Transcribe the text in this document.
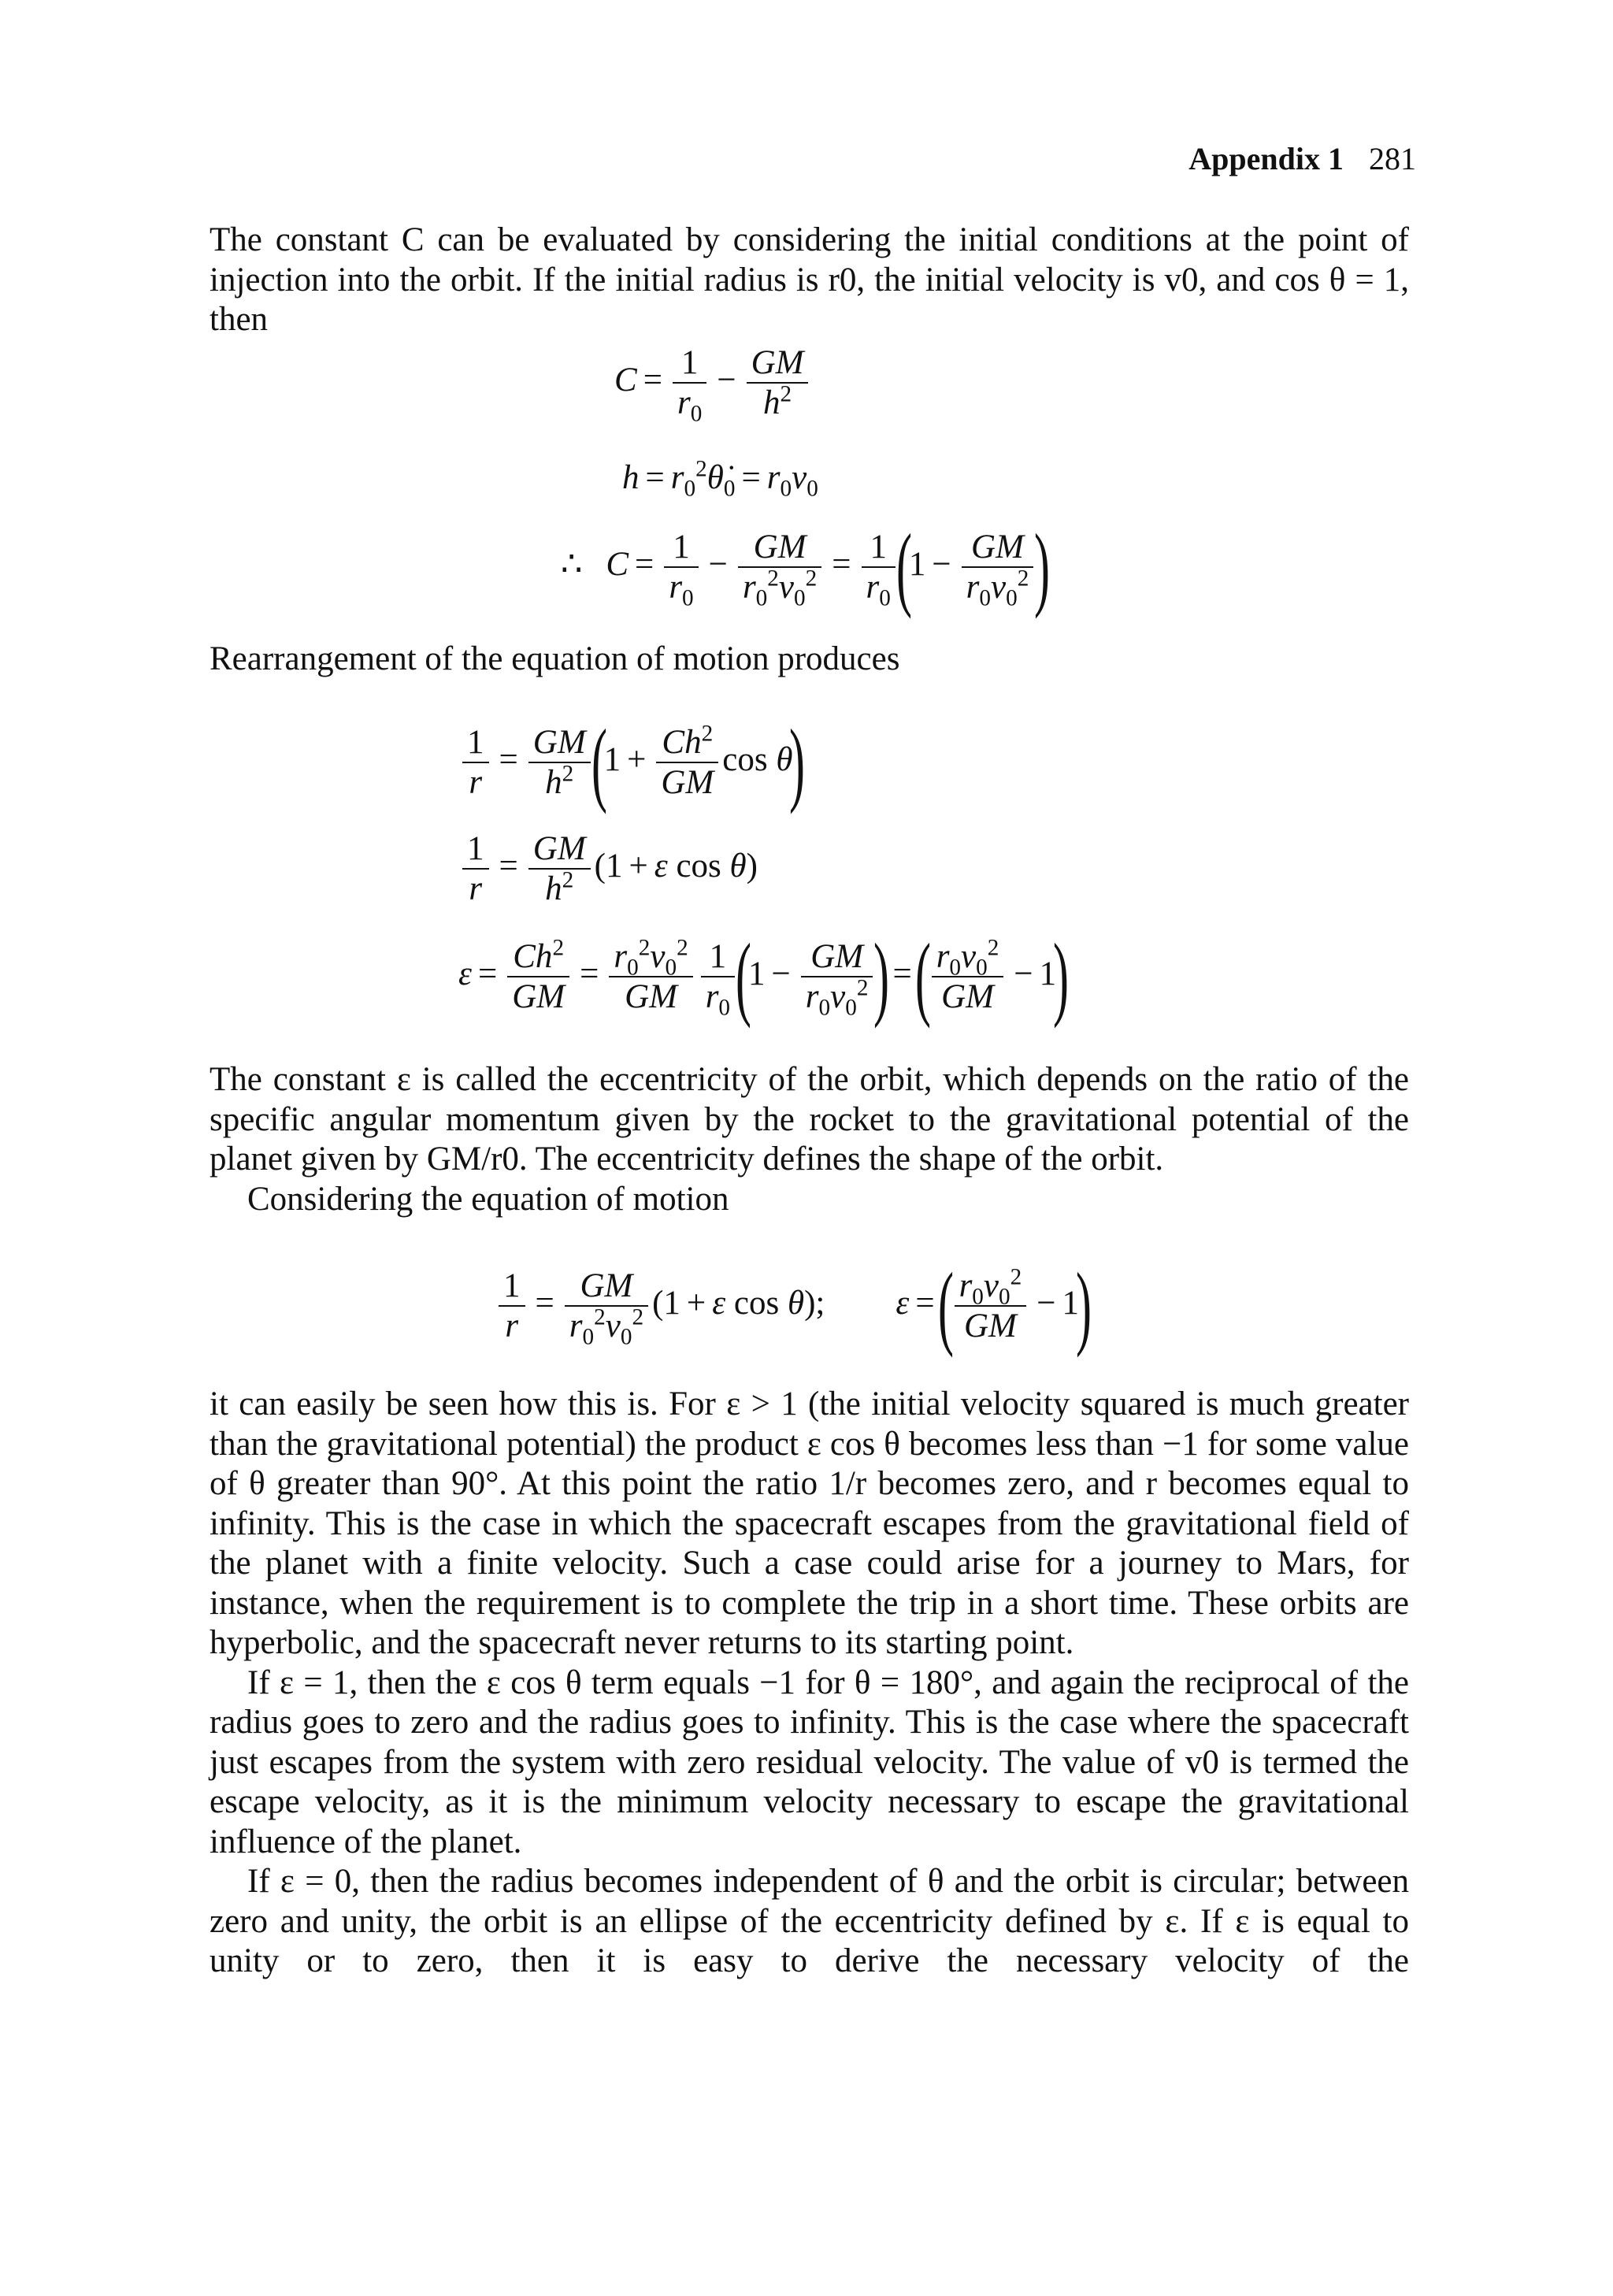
Appendix 1 281
The constant C can be evaluated by considering the initial conditions at the point of injection into the orbit. If the initial radius is r0, the initial velocity is v0, and cos θ = 1, then
$C = \frac{1}{r_0} - \frac{GM}{h^2}$
$h = r_0^2\thetȧ_0 = r_0v_0$
∴ $C = \frac{1}{r_0} - \frac{GM}{r_0^2v_0^2} = \frac{1}{r_0} (1 - \frac{GM}{r_0v_0^2}$ )
Rearrangement of the equation of motion produces
$\frac{1}{r} = \frac{GM}{h^2} (1 + \frac{Ch^2}{GM}$ cos θ)
$\frac{1}{r} = \frac{GM}{h^2} (1 + \varepsilon$ cos θ)
$\varepsilon = \frac{Ch^2}{GM} = \frac{r_0^2v_0^2}{GM} \frac{1}{r_0} (1 - \frac{GM}{r_0v_0^2}$ )=( $\frac{r_0v_0^2}{GM} - 1$)

The constant ε is called the eccentricity of the orbit, which depends on the ratio of the specific angular momentum given by the rocket to the gravitational potential of the planet given by GM/r0. The eccentricity defines the shape of the orbit.

Considering the equation of motion

$\frac{1}{r} = \frac{GM}{r_0^2v_0^2} (1 + \varepsilon$ cos θ); ε =( $\frac{r_0v_0^2}{GM} - 1$)

it can easily be seen how this is. For ε > 1 (the initial velocity squared is much greater than the gravitational potential) the product ε cos θ becomes less than −1 for some value of θ greater than 90°. At this point the ratio 1/r becomes zero, and r becomes equal to infinity. This is the case in which the spacecraft escapes from the gravitational field of the planet with a finite velocity. Such a case could arise for a journey to Mars, for instance, when the requirement is to complete the trip in a short time. These orbits are hyperbolic, and the spacecraft never returns to its starting point.

If ε = 1, then the ε cos θ term equals −1 for θ = 180°, and again the reciprocal of the radius goes to zero and the radius goes to infinity. This is the case where the spacecraft just escapes from the system with zero residual velocity. The value of v0 is termed the escape velocity, as it is the minimum velocity necessary to escape the gravitational influence of the planet.

If ε = 0, then the radius becomes independent of θ and the orbit is circular; between zero and unity, the orbit is an ellipse of the eccentricity defined by ε. If ε is equal to unity or to zero, then it is easy to derive the necessary velocity of the
